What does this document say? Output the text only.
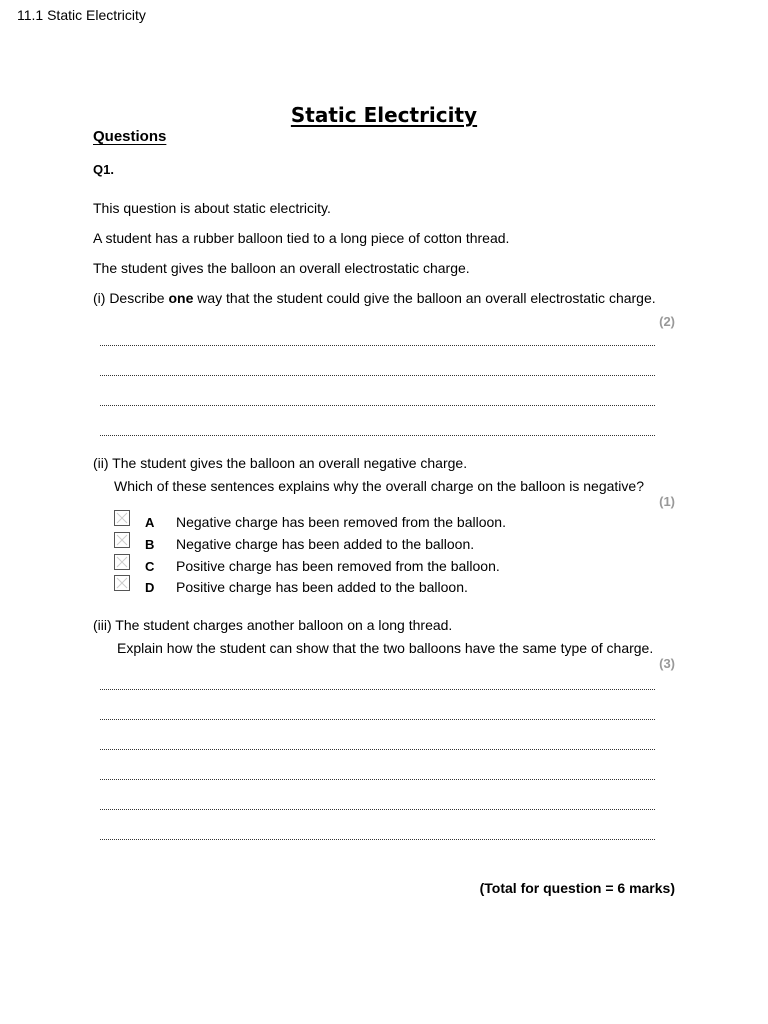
11.1 Static Electricity
Static Electricity
Questions
Q1.
This question is about static electricity.
A student has a rubber balloon tied to a long piece of cotton thread.
The student gives the balloon an overall electrostatic charge.
(i) Describe one way that the student could give the balloon an overall electrostatic charge.
(2)
(ii) The student gives the balloon an overall negative charge.
Which of these sentences explains why the overall charge on the balloon is negative?
(1)
A Negative charge has been removed from the balloon.
B Negative charge has been added to the balloon.
C Positive charge has been removed from the balloon.
D Positive charge has been added to the balloon.
(iii) The student charges another balloon on a long thread.
Explain how the student can show that the two balloons have the same type of charge.
(3)
(Total for question = 6 marks)
